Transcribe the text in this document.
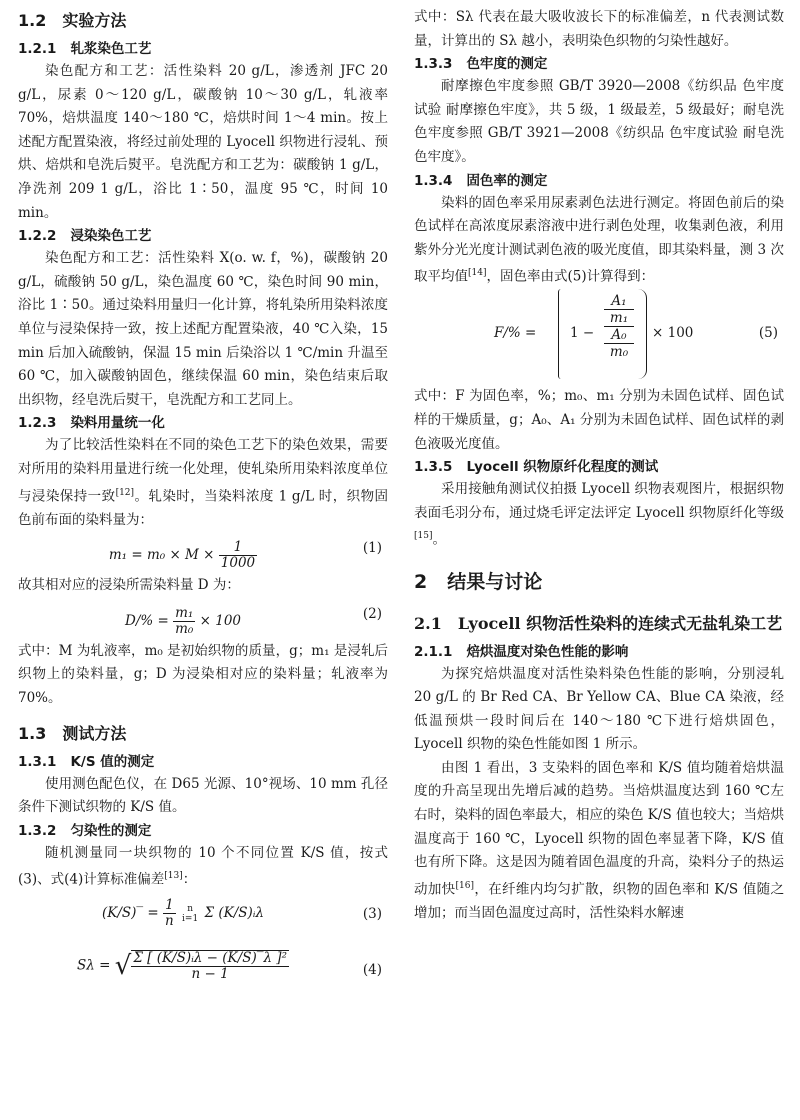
1.2 实验方法
1.2.1 轧浆染色工艺

染色配方和工艺：活性染料 20 g/L，渗透剂 JFC 20 g/L，尿素 0～120 g/L，碳酸钠 10～30 g/L，轧液率 70%，焙烘温度 140～180 ℃，焙烘时间 1～4 min。按上述配方配置染液，将经过前处理的 Lyocell 织物进行浸轧、预烘、焙烘和皂洗后熨平。皂洗配方和工艺为：碳酸钠 1 g/L，净洗剂 209 1 g/L，浴比 1∶50，温度 95 ℃，时间 10 min。

1.2.2 浸染染色工艺

染色配方和工艺：活性染料 X(o. w. f，%)，碳酸钠 20 g/L，硫酸钠 50 g/L，染色温度 60 ℃，染色时间 90 min，浴比 1∶50。通过染料用量归一化计算，将轧染所用染料浓度单位与浸染保持一致，按上述配方配置染液，40 ℃入染，15 min 后加入硫酸钠，保温 15 min 后染浴以 1 ℃/min 升温至 60 ℃，加入碳酸钠固色，继续保温 60 min，染色结束后取出织物，经皂洗后熨干，皂洗配方和工艺同上。

1.2.3 染料用量统一化

为了比较活性染料在不同的染色工艺下的染色效果，需要对所用的染料用量进行统一化处理，使轧染所用染料浓度单位与浸染保持一致[12]。轧染时，当染料浓度 1 g/L 时，织物固色前布面的染料量为：

$m_1 = m_0 \times M \times \frac{1}{1000}$	(1)

故其相对应的浸染所需染料量 D 为：

$D/\% = \frac{\text{m₁}}{\text{m₀}} \times 100$	(2)

式中：M 为轧液率，m₀ 是初始织物的质量，g；m₁ 是浸轧后织物上的染料量，g；D 为浸染相对应的染料量；轧液率为 70%。

1.3 测试方法
1.3.1 K/S 值的测定

使用测色配色仪，在 D65 光源、10°视场、10 mm 孔径条件下测试织物的 K/S 值。

1.3.2 匀染性的测定

随机测量同一块织物的 10 个不同位置 K/S 值，按式(3)、式(4)计算标准偏差[13]：

(K/S)‾ = $\frac{1}{n}$
	n
i=1 Σ (K/S)ᵢλ	(3)
Sλ = √ $\frac{\text{Σ [ (K/S)ᵢλ − (K/S)‾λ ]²}}{n - 1}$	(4)

式中：Sλ 代表在最大吸收波长下的标准偏差，n 代表测试数量，计算出的 Sλ 越小，表明染色织物的匀染性越好。

1.3.3 色牢度的测定

耐摩擦色牢度参照 GB/T 3920—2008《纺织品 色牢度试验 耐摩擦色牢度》，共 5 级，1 级最差，5 级最好；耐皂洗色牢度参照 GB/T 3921—2008《纺织品 色牢度试验 耐皂洗色牢度》。

1.3.4 固色率的测定

染料的固色率采用尿素剥色法进行测定。将固色前后的染色试样在高浓度尿素溶液中进行剥色处理，收集剥色液，利用紫外分光光度计测试剥色液的吸光度值，即其染料量，测 3 次取平均值[14]，固色率由式(5)计算得到：

F/% = 1 −
A₁
m₁
A₀
m₀
× 100	(5)

式中：F 为固色率，%；m₀、m₁ 分别为未固色试样、固色试样的干燥质量，g；A₀、A₁ 分别为未固色试样、固色试样的剥色液吸光度值。

1.3.5 Lyocell 织物原纤化程度的测试

采用接触角测试仪拍摄 Lyocell 织物表观图片，根据织物表面毛羽分布，通过烧毛评定法评定 Lyocell 织物原纤化等级[15]。

2 结果与讨论
2.1 Lyocell 织物活性染料的连续式无盐轧染工艺
2.1.1 焙烘温度对染色性能的影响

为探究焙烘温度对活性染料染色性能的影响，分别浸轧 20 g/L 的 Br Red CA、Br Yellow CA、Blue CA 染液，经低温预烘一段时间后在 140～180 ℃下进行焙烘固色，Lyocell 织物的染色性能如图 1 所示。

由图 1 看出，3 支染料的固色率和 K/S 值均随着焙烘温度的升高呈现出先增后减的趋势。当焙烘温度达到 160 ℃左右时，染料的固色率最大，相应的染色 K/S 值也较大；当焙烘温度高于 160 ℃，Lyocell 织物的固色率显著下降，K/S 值也有所下降。这是因为随着固色温度的升高，染料分子的热运动加快[16]，在纤维内均匀扩散，织物的固色率和 K/S 值随之增加；而当固色温度过高时，活性染料水解速
